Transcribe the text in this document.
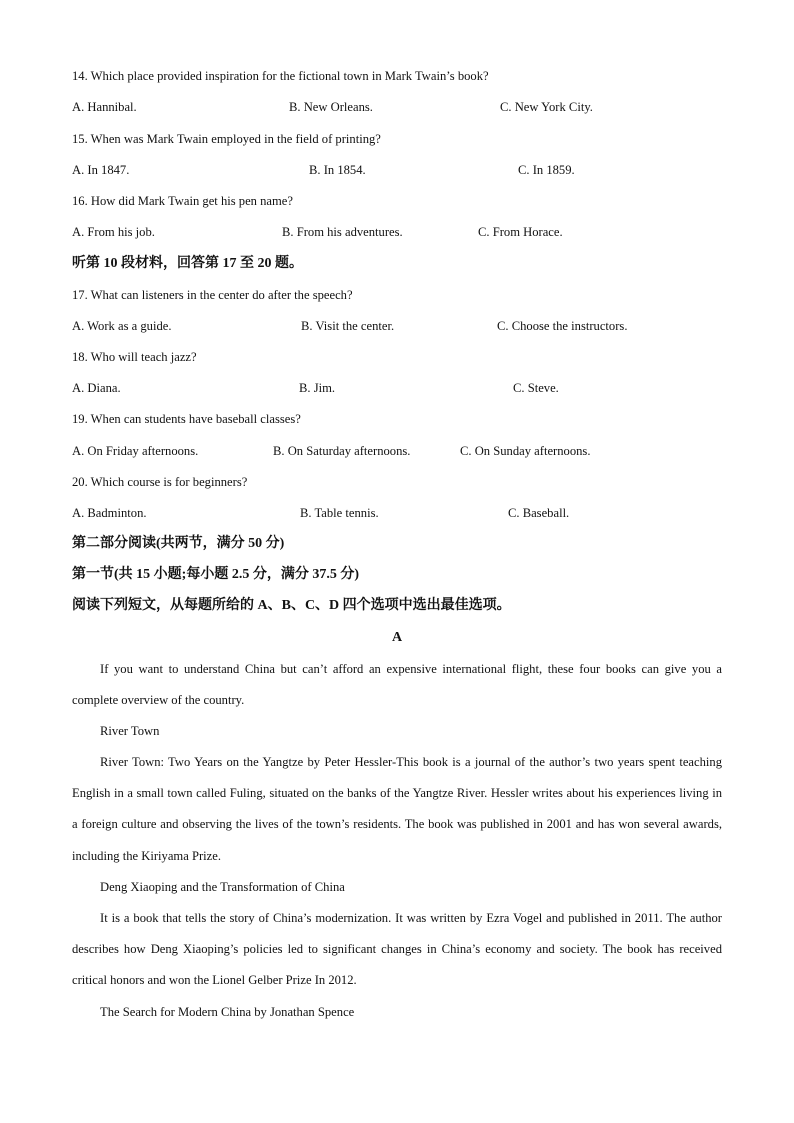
14. Which place provided inspiration for the fictional town in Mark Twain’s book?
A. Hannibal.	B. New Orleans.	C. New York City.
15. When was Mark Twain employed in the field of printing?
A. In 1847.	B. In 1854.	C. In 1859.
16. How did Mark Twain get his pen name?
A. From his job.	B. From his adventures.	C. From Horace.
听第 10 段材料，回答第 17 至 20 题。
17. What can listeners in the center do after the speech?
A. Work as a guide.	B. Visit the center.	C. Choose the instructors.
18. Who will teach jazz?
A. Diana.	B. Jim.	C. Steve.
19. When can students have baseball classes?
A. On Friday afternoons.	B. On Saturday afternoons.	C. On Sunday afternoons.
20. Which course is for beginners?
A. Badminton.	B. Table tennis.	C. Baseball.
第二部分阅读(共两节，满分 50 分)
第一节(共 15 小题;每小题 2.5 分，满分 37.5 分)
阅读下列短文，从每题所给的 A、B、C、D 四个选项中选出最佳选项。
A
If you want to understand China but can’t afford an expensive international flight, these four books can give you a complete overview of the country.
River Town
River Town: Two Years on the Yangtze by Peter Hessler-This book is a journal of the author’s two years spent teaching English in a small town called Fuling, situated on the banks of the Yangtze River. Hessler writes about his experiences living in a foreign culture and observing the lives of the town’s residents. The book was published in 2001 and has won several awards, including the Kiriyama Prize.
Deng Xiaoping and the Transformation of China
It is a book that tells the story of China’s modernization. It was written by Ezra Vogel and published in 2011. The author describes how Deng Xiaoping’s policies led to significant changes in China’s economy and society. The book has received critical honors and won the Lionel Gelber Prize In 2012.
The Search for Modern China by Jonathan Spence
